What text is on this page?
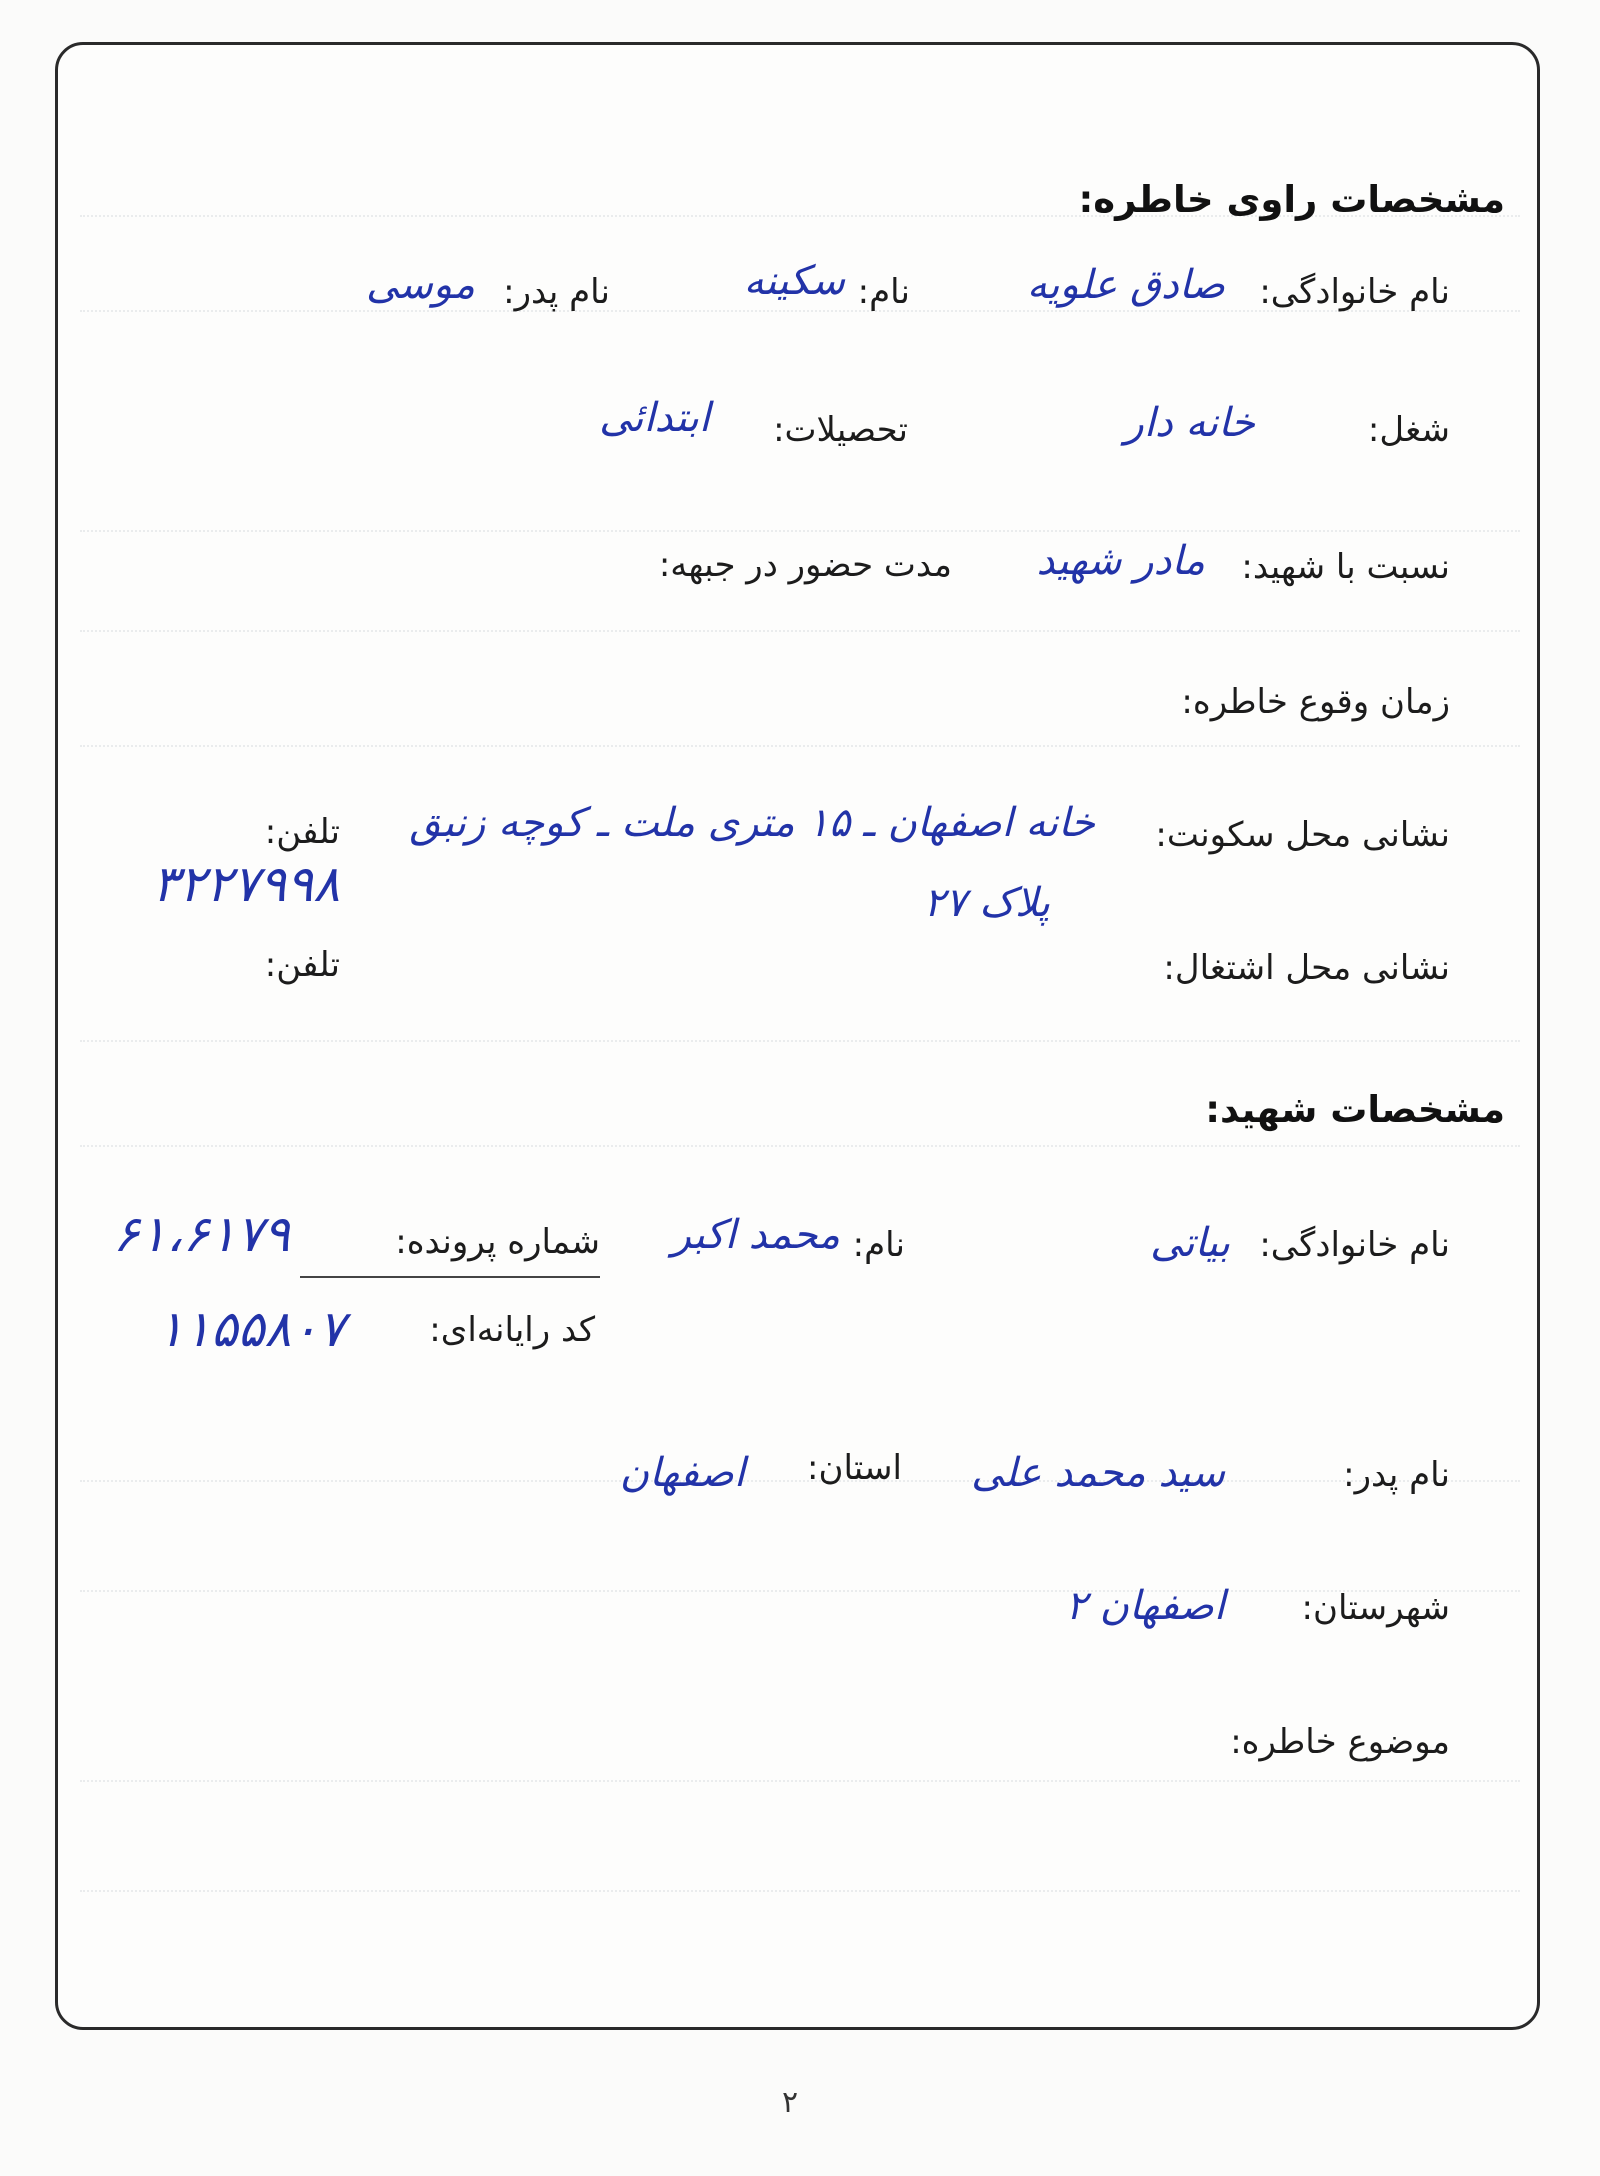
مشخصات راوی خاطره:
نام خانوادگی:
صادق علویه
نام:
سکینه
نام پدر:
موسی
شغل:
خانه دار
تحصیلات:
ابتدائی
نسبت با شهید:
مادر شهید
مدت حضور در جبهه:
زمان وقوع خاطره:
نشانی محل سکونت:
خانه اصفهان ـ ۱۵ متری ملت ـ کوچه زنبق
پلاک ۲۷
تلفن:
۳۲۲۷۹۹۸
نشانی محل اشتغال:
تلفن:
مشخصات شهید:
نام خانوادگی:
بیاتی
نام:
محمد اکبر
شماره پرونده:
۶۱،۶۱۷۹
کد رایانه‌ای:
۱۱۵۵۸۰۷
نام پدر:
سید محمد علی
استان:
اصفهان
شهرستان:
اصفهان ۲
موضوع خاطره:
۲
